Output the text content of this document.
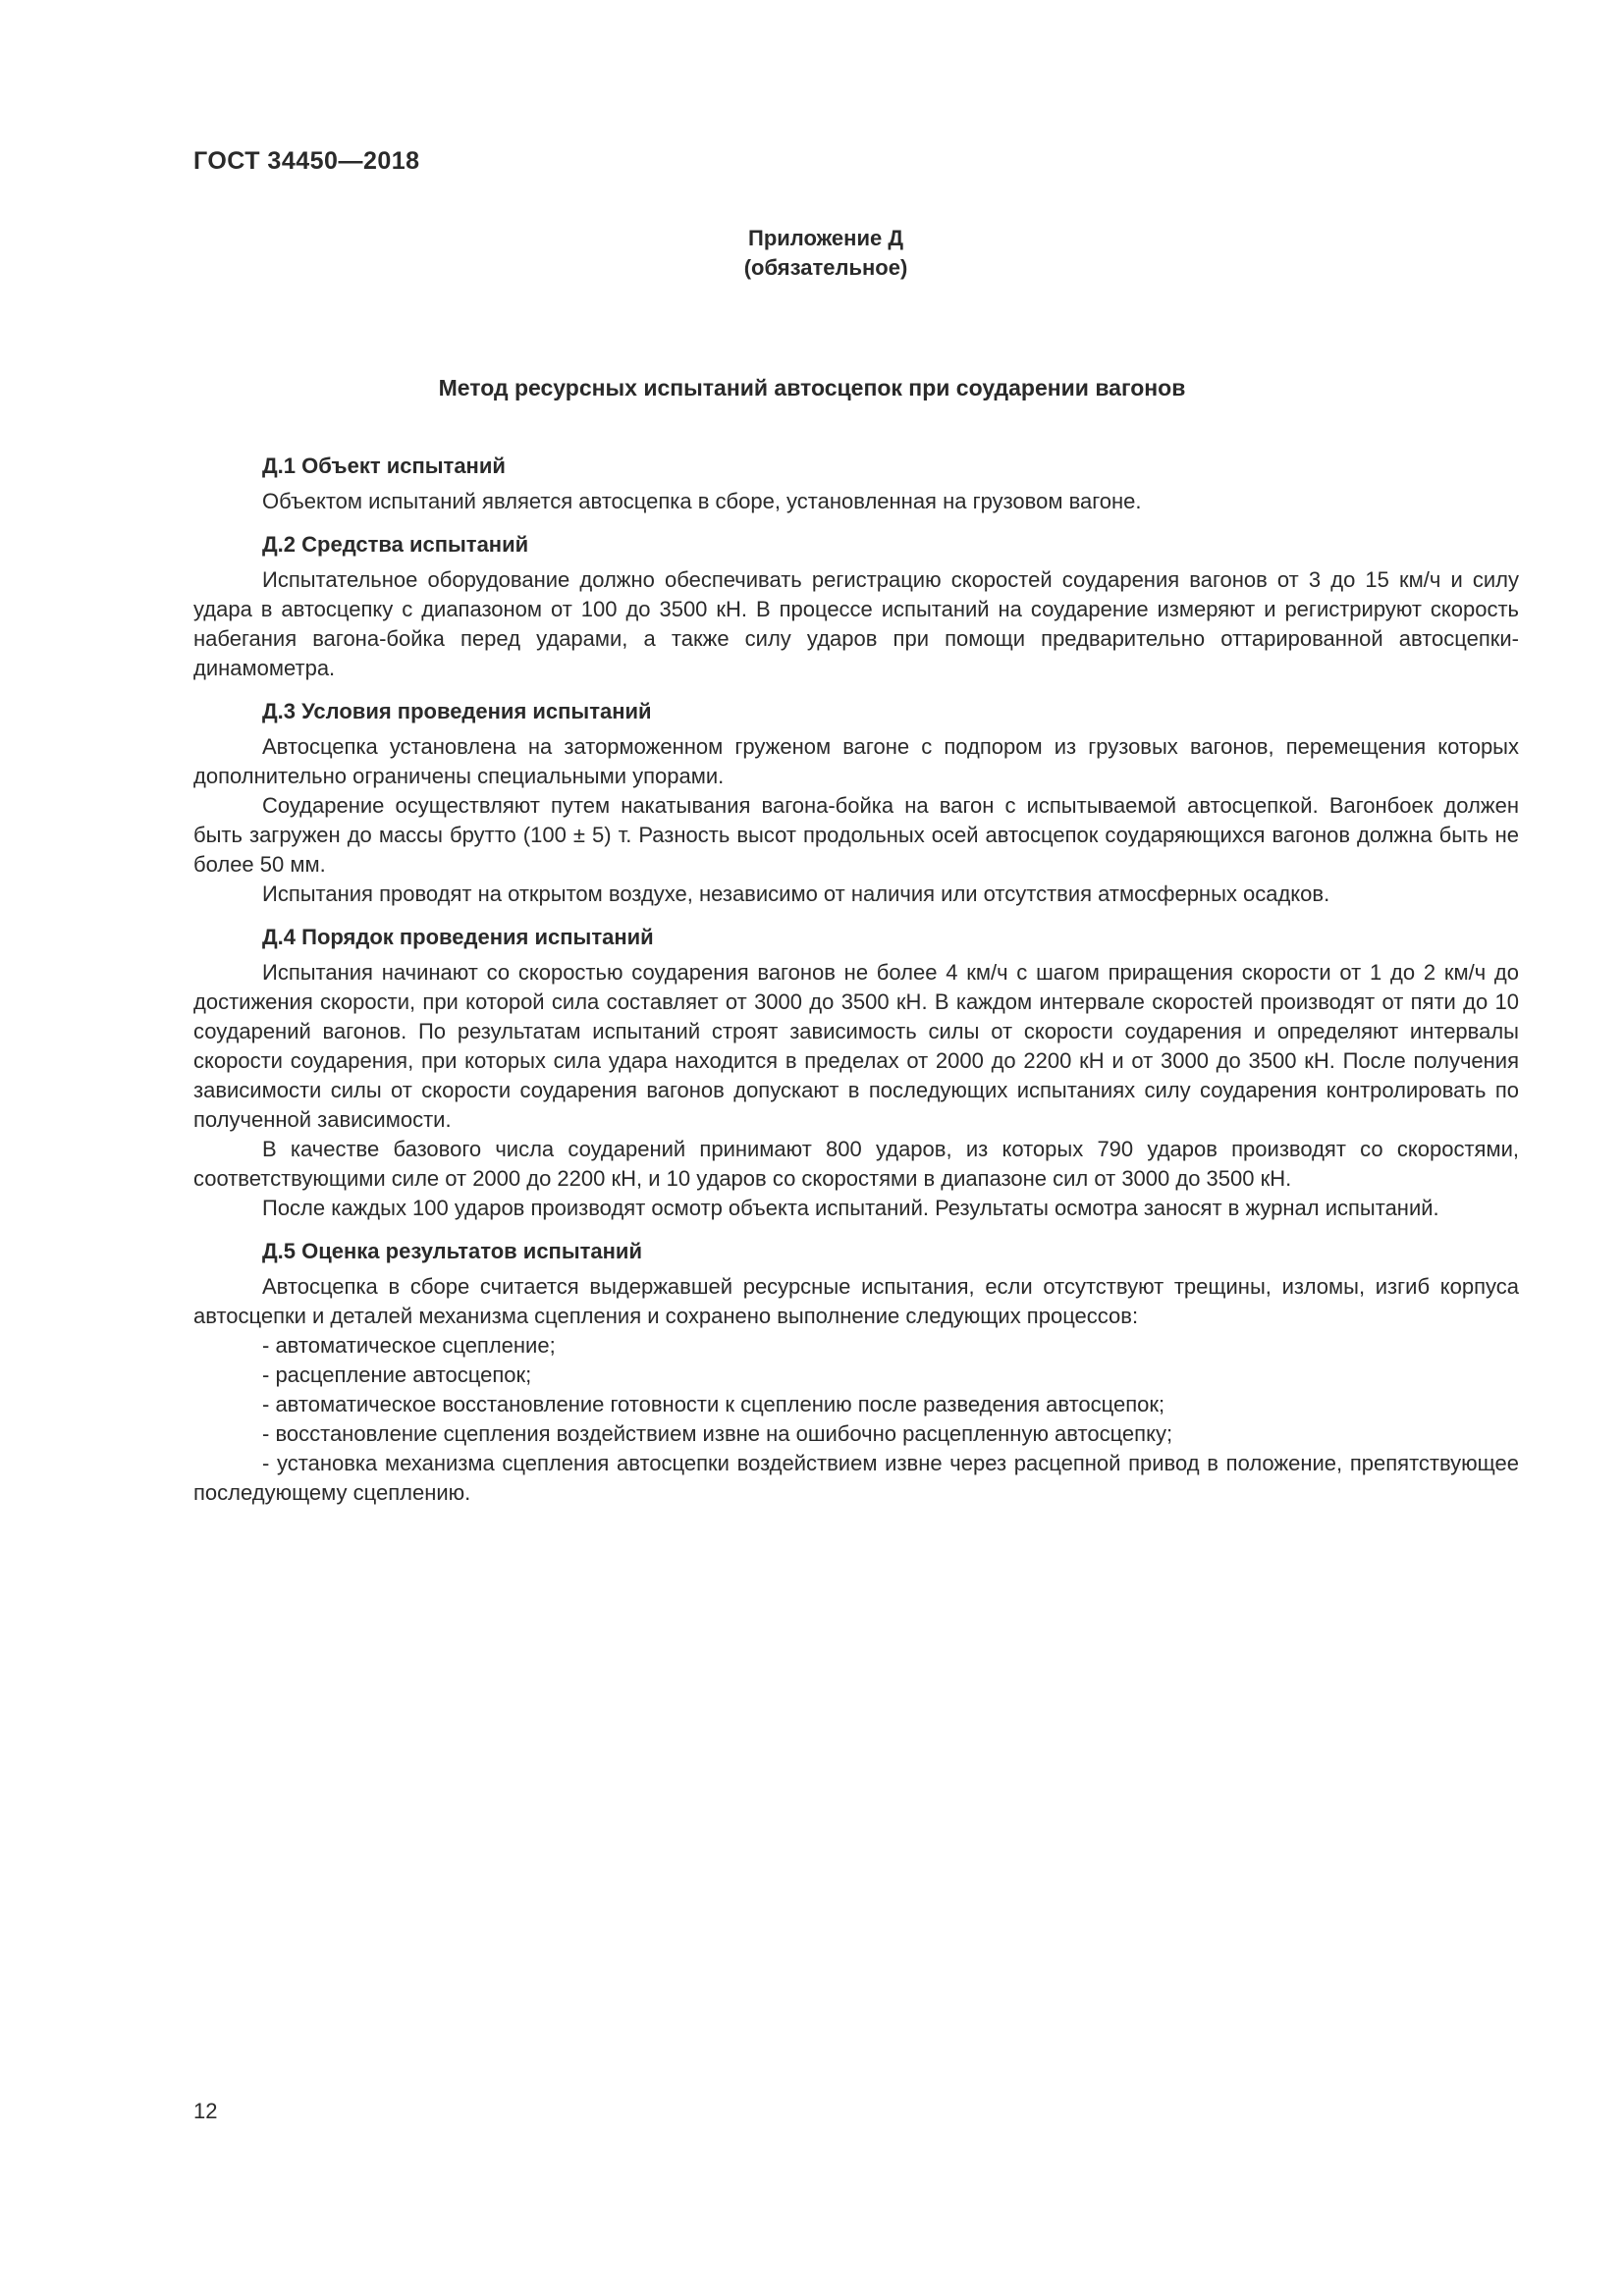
ГОСТ 34450—2018
Приложение Д
(обязательное)
Метод ресурсных испытаний автосцепок при соударении вагонов
Д.1 Объект испытаний

Объектом испытаний является автосцепка в сборе, установленная на грузовом вагоне.

Д.2 Средства испытаний

Испытательное оборудование должно обеспечивать регистрацию скоростей соударения вагонов от 3 до 15 км/ч и силу удара в автосцепку с диапазоном от 100 до 3500 кН. В процессе испытаний на соударение измеряют и регистрируют скорость набегания вагона-бойка перед ударами, а также силу ударов при помощи предварительно оттарированной автосцепки-динамометра.

Д.3 Условия проведения испытаний

Автосцепка установлена на заторможенном груженом вагоне с подпором из грузовых вагонов, перемещения которых дополнительно ограничены специальными упорами.

Соударение осуществляют путем накатывания вагона-бойка на вагон с испытываемой автосцепкой. Вагонбоек должен быть загружен до массы брутто (100 ± 5) т. Разность высот продольных осей автосцепок соударяющихся вагонов должна быть не более 50 мм.

Испытания проводят на открытом воздухе, независимо от наличия или отсутствия атмосферных осадков.

Д.4 Порядок проведения испытаний

Испытания начинают со скоростью соударения вагонов не более 4 км/ч с шагом приращения скорости от 1 до 2 км/ч до достижения скорости, при которой сила составляет от 3000 до 3500 кН. В каждом интервале скоростей производят от пяти до 10 соударений вагонов. По результатам испытаний строят зависимость силы от скорости соударения и определяют интервалы скорости соударения, при которых сила удара находится в пределах от 2000 до 2200 кН и от 3000 до 3500 кН. После получения зависимости силы от скорости соударения вагонов допускают в последующих испытаниях силу соударения контролировать по полученной зависимости.

В качестве базового числа соударений принимают 800 ударов, из которых 790 ударов производят со скоростями, соответствующими силе от 2000 до 2200 кН, и 10 ударов со скоростями в диапазоне сил от 3000 до 3500 кН.

После каждых 100 ударов производят осмотр объекта испытаний. Результаты осмотра заносят в журнал испытаний.

Д.5 Оценка результатов испытаний

Автосцепка в сборе считается выдержавшей ресурсные испытания, если отсутствуют трещины, изломы, изгиб корпуса автосцепки и деталей механизма сцепления и сохранено выполнение следующих процессов:

- автоматическое сцепление;

- расцепление автосцепок;

- автоматическое восстановление готовности к сцеплению после разведения автосцепок;

- восстановление сцепления воздействием извне на ошибочно расцепленную автосцепку;

- установка механизма сцепления автосцепки воздействием извне через расцепной привод в положение, препятствующее последующему сцеплению.

12
